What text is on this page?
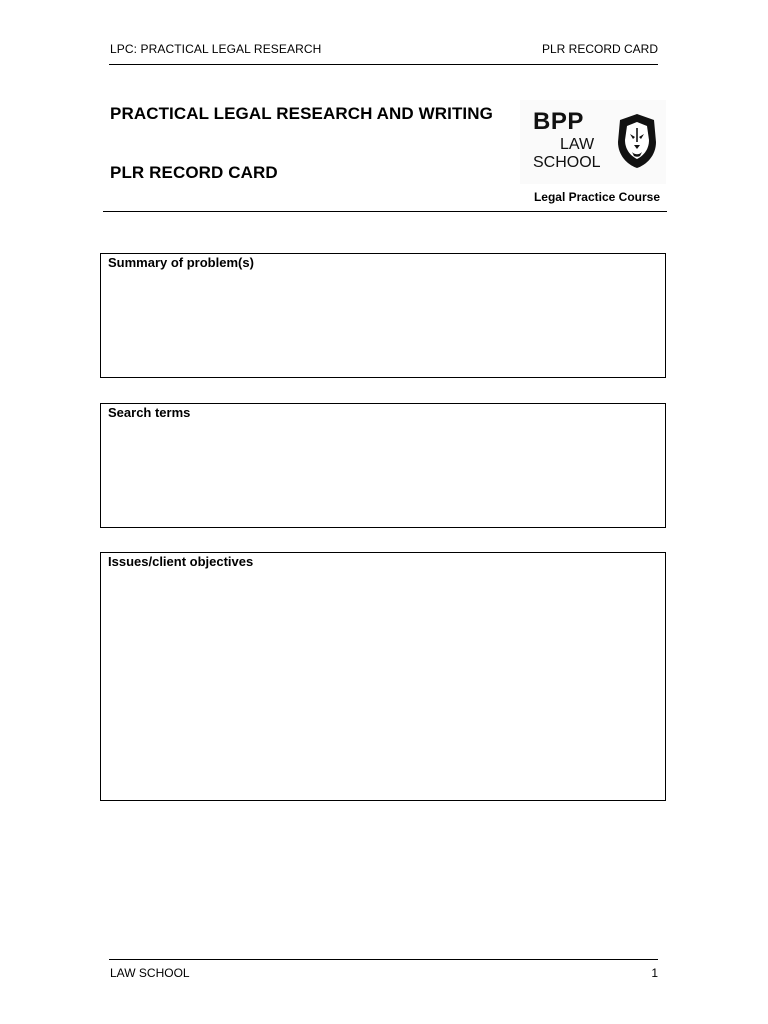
LPC: PRACTICAL LEGAL RESEARCH	PLR RECORD CARD
PRACTICAL LEGAL RESEARCH AND WRITING
PLR RECORD CARD
BPP
LAW
SCHOOL
Legal Practice Course
Summary of problem(s)
Search terms
Issues/client objectives
LAW SCHOOL	1
